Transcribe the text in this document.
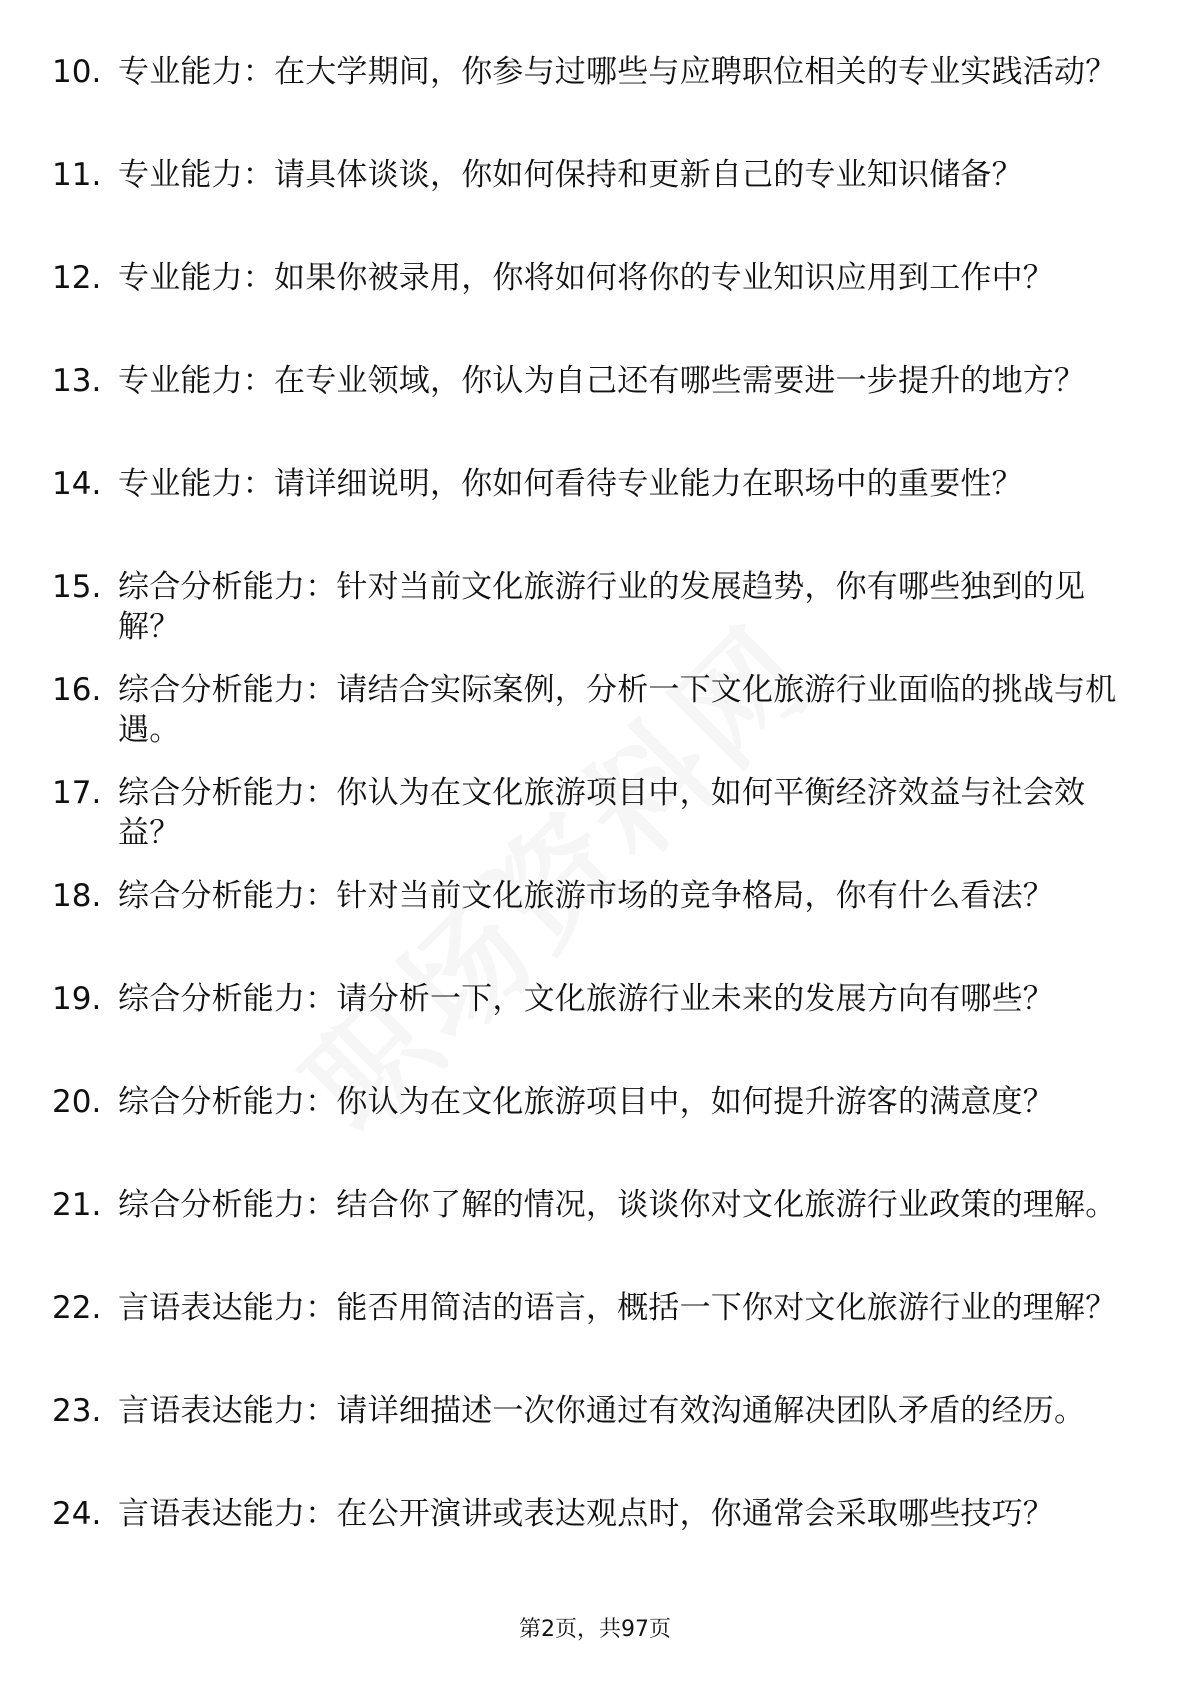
10. 专业能力：在大学期间，你参与过哪些与应聘职位相关的专业实践活动？
11. 专业能力：请具体谈谈，你如何保持和更新自己的专业知识储备？
12. 专业能力：如果你被录用，你将如何将你的专业知识应用到工作中？
13. 专业能力：在专业领域，你认为自己还有哪些需要进一步提升的地方？
14. 专业能力：请详细说明，你如何看待专业能力在职场中的重要性？
15. 综合分析能力：针对当前文化旅游行业的发展趋势，你有哪些独到的见解？
16. 综合分析能力：请结合实际案例，分析一下文化旅游行业面临的挑战与机遇。
17. 综合分析能力：你认为在文化旅游项目中，如何平衡经济效益与社会效益？
18. 综合分析能力：针对当前文化旅游市场的竞争格局，你有什么看法？
19. 综合分析能力：请分析一下，文化旅游行业未来的发展方向有哪些？
20. 综合分析能力：你认为在文化旅游项目中，如何提升游客的满意度？
21. 综合分析能力：结合你了解的情况，谈谈你对文化旅游行业政策的理解。
22. 言语表达能力：能否用简洁的语言，概括一下你对文化旅游行业的理解？
23. 言语表达能力：请详细描述一次你通过有效沟通解决团队矛盾的经历。
24. 言语表达能力：在公开演讲或表达观点时，你通常会采取哪些技巧？
第2页，共97页
